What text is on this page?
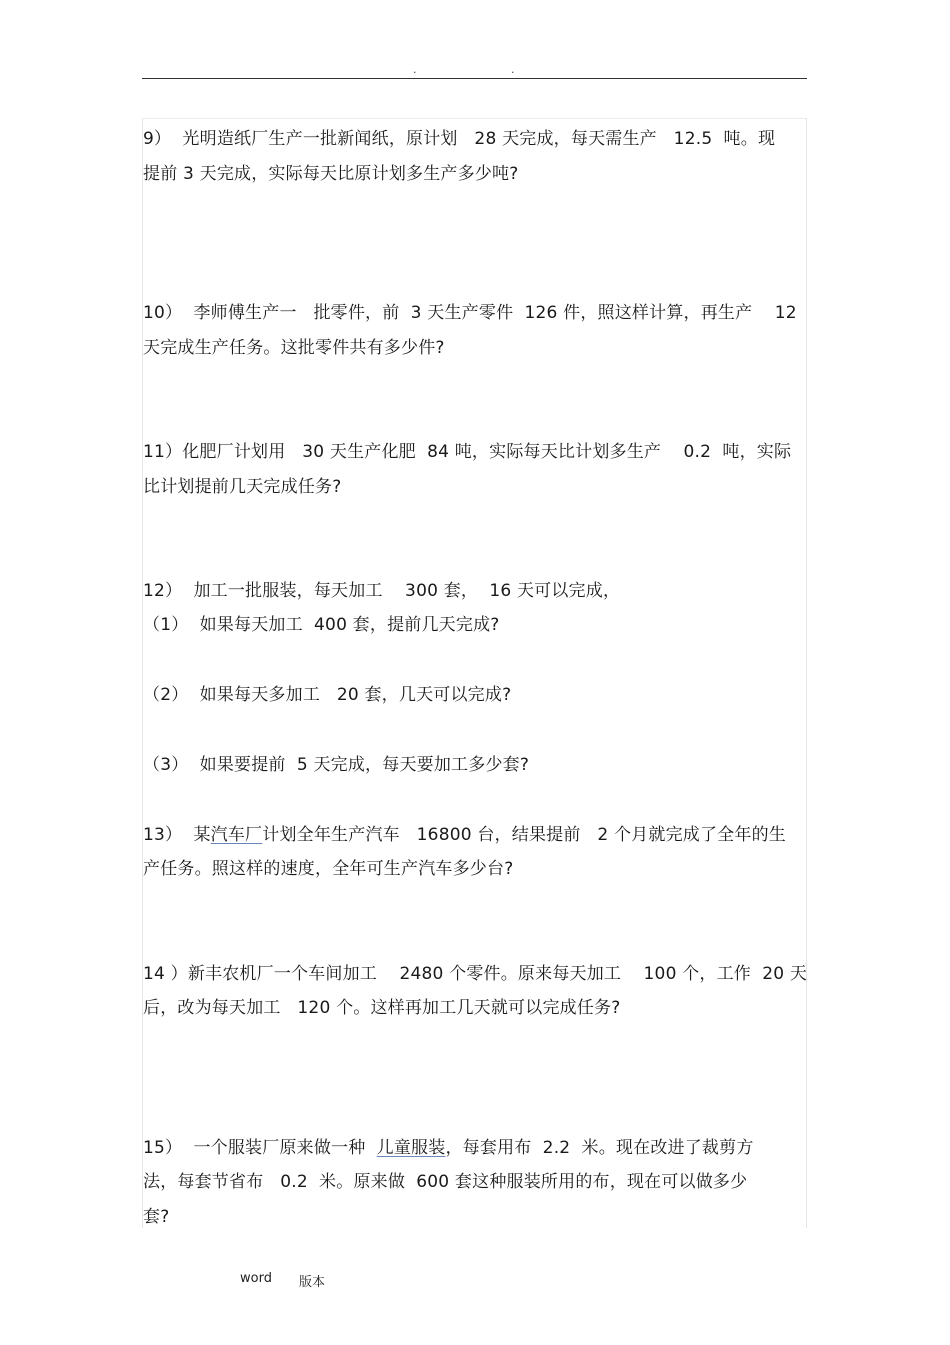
.	.
9）  光明造纸厂生产一批新闻纸，原计划   28 天完成，每天需生产   12.5  吨。现
提前 3 天完成，实际每天比原计划多生产多少吨?
10）  李师傅生产一   批零件，前  3 天生产零件  126 件，照这样计算，再生产    12
天完成生产任务。这批零件共有多少件?
11）化肥厂计划用   30 天生产化肥  84 吨，实际每天比计划多生产    0.2  吨，实际
比计划提前几天完成任务?
12）  加工一批服装，每天加工    300 套，  16 天可以完成，
（1）  如果每天加工  400 套，提前几天完成?
（2）  如果每天多加工   20 套，几天可以完成?
（3）  如果要提前  5 天完成，每天要加工多少套?
13）  某汽车厂计划全年生产汽车   16800 台，结果提前   2 个月就完成了全年的生
产任务。照这样的速度，全年可生产汽车多少台?
14 ）新丰农机厂一个车间加工    2480 个零件。原来每天加工    100 个，工作  20 天
后，改为每天加工   120 个。这样再加工几天就可以完成任务?
15）  一个服装厂原来做一种  儿童服装，每套用布  2.2  米。现在改进了裁剪方
法，每套节省布   0.2  米。原来做  600 套这种服装所用的布，现在可以做多少
套?
word 版本
